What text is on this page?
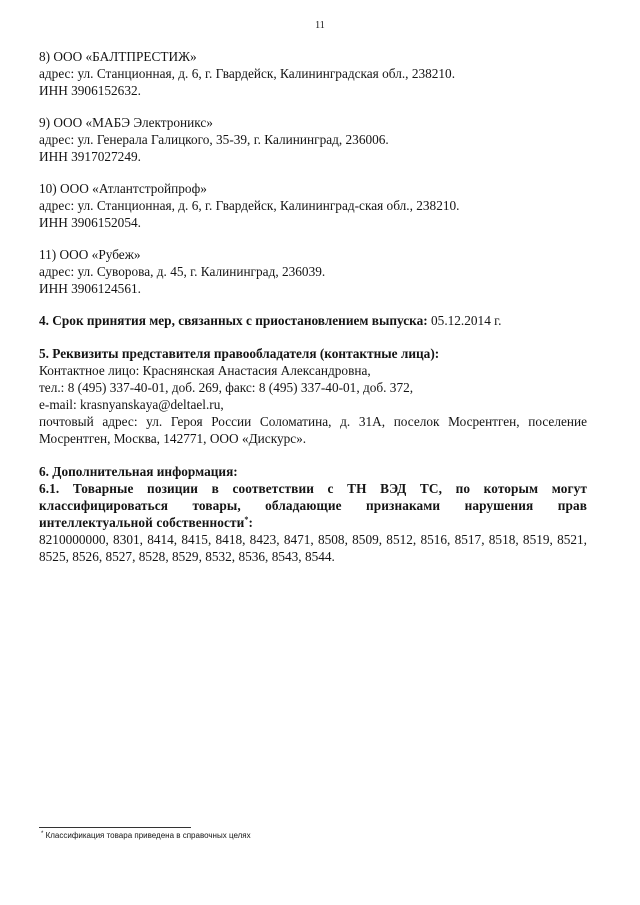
11

8) ООО «БАЛТПРЕСТИЖ»

адрес: ул. Станционная, д. 6, г. Гвардейск, Калининградская обл., 238210.

ИНН 3906152632.

9) ООО «МАБЭ Электроникс»

адрес: ул. Генерала Галицкого, 35-39, г. Калининград, 236006.

ИНН 3917027249.

10) ООО «Атлантстройпроф»

адрес: ул. Станционная, д. 6, г. Гвардейск, Калининград-ская обл., 238210.

ИНН 3906152054.

11) ООО «Рубеж»

адрес: ул. Суворова, д. 45, г. Калининград, 236039.

ИНН 3906124561.

4. Срок принятия мер, связанных с приостановлением выпуска: 05.12.2014 г.

5. Реквизиты представителя правообладателя (контактные лица):

Контактное лицо: Краснянская Анастасия Александровна,

тел.: 8 (495) 337-40-01, доб. 269, факс: 8 (495) 337-40-01, доб. 372,

e-mail: krasnyanskaya@deltael.ru,

почтовый адрес: ул. Героя России Соломатина, д. 31А, поселок Мосрентген, поселение Мосрентген, Москва, 142771, ООО «Дискурс».

6. Дополнительная информация:

6.1. Товарные позиции в соответствии с ТН ВЭД ТС, по которым могут классифицироваться товары, обладающие признаками нарушения прав интеллектуальной собственности*:

8210000000, 8301, 8414, 8415, 8418, 8423, 8471, 8508, 8509, 8512, 8516, 8517, 8518, 8519, 8521, 8525, 8526, 8527, 8528, 8529, 8532, 8536, 8543, 8544.

* Классификация товара приведена в справочных целях
